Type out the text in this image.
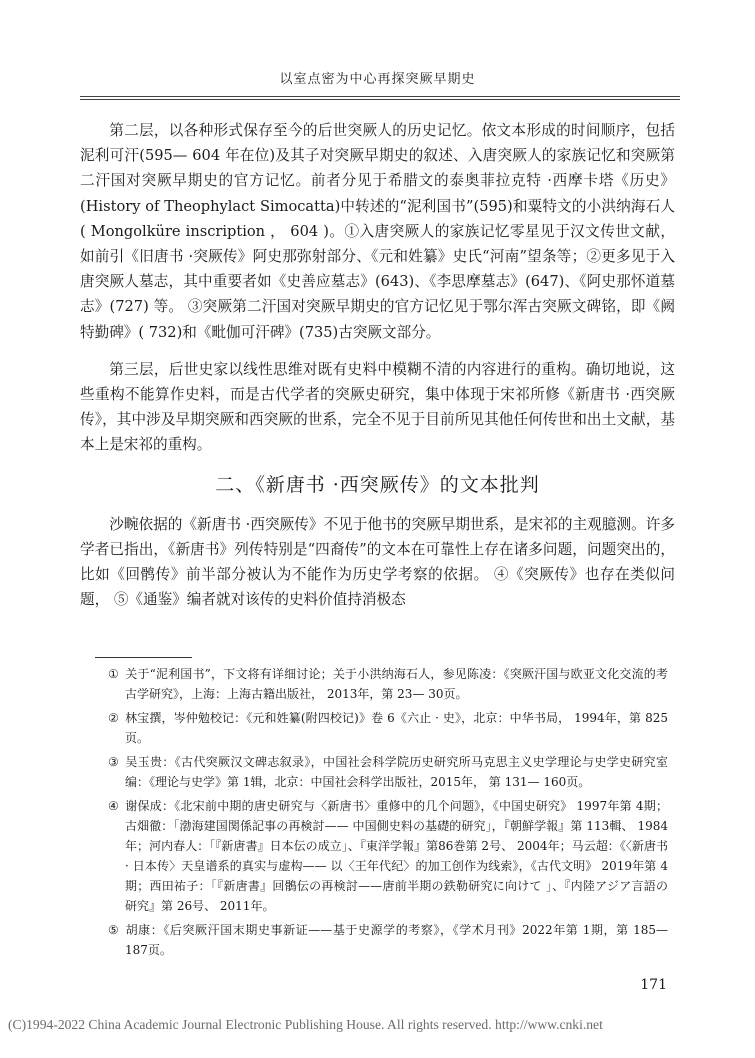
以室点密为中心再探突厥早期史

第二层，以各种形式保存至今的后世突厥人的历史记忆。依文本形成的时间顺序，包括泥利可汗(595— 604 年在位)及其子对突厥早期史的叙述、入唐突厥人的家族记忆和突厥第二汗国对突厥早期史的官方记忆。前者分见于希腊文的泰奥菲拉克特 ·西摩卡塔《历史》(History of Theophylact Simocatta)中转述的“泥利国书”(595)和粟特文的小洪纳海石人( Mongolküre inscription ， 604 )。①入唐突厥人的家族记忆零星见于汉文传世文献，如前引《旧唐书 ·突厥传》阿史那弥射部分、《元和姓纂》史氏“河南”望条等；②更多见于入唐突厥人墓志，其中重要者如《史善应墓志》(643)、《李思摩墓志》(647)、《阿史那怀道墓志》(727) 等。 ③突厥第二汗国对突厥早期史的官方记忆见于鄂尔浑古突厥文碑铭，即《阙特勤碑》( 732)和《毗伽可汗碑》(735)古突厥文部分。

第三层，后世史家以线性思维对既有史料中模糊不清的内容进行的重构。确切地说，这些重构不能算作史料，而是古代学者的突厥史研究，集中体现于宋祁所修《新唐书 ·西突厥传》，其中涉及早期突厥和西突厥的世系，完全不见于目前所见其他任何传世和出土文献，基本上是宋祁的重构。

二、《新唐书 ·西突厥传》的文本批判

沙畹依据的《新唐书 ·西突厥传》不见于他书的突厥早期世系，是宋祁的主观臆测。许多学者已指出，《新唐书》列传特别是“四裔传”的文本在可靠性上存在诸多问题，问题突出的，比如《回鹘传》前半部分被认为不能作为历史学考察的依据。 ④《突厥传》也存在类似问题， ⑤《通鉴》编者就对该传的史料价值持消极态

① 关于“泥利国书”，下文将有详细讨论；关于小洪纳海石人，参见陈凌：《突厥汗国与欧亚文化交流的考古学研究》，上海：上海古籍出版社， 2013年，第 23— 30页。
② 林宝撰，岑仲勉校记：《元和姓纂(附四校记)》卷 6《六止 · 史》，北京：中华书局， 1994年，第 825页。
③ 吴玉贵：《古代突厥汉文碑志叙录》，中国社会科学院历史研究所马克思主义史学理论与史学史研究室编：《理论与史学》第 1辑，北京：中国社会科学出版社，2015年， 第 131— 160页。
④ 谢保成：《北宋前中期的唐史研究与〈新唐书〉重修中的几个问题》，《中国史研究》 1997年第 4期；古畑徹：「渤海建国関係記事の再検討—— 中国側史料の基礎的研究」，『朝鮮学報』第 113輯、 1984年；河内春人：「『新唐書』日本伝の成立」、『東洋学報』第86巻第 2号、 2004年；马云超：《〈新唐书 · 日本传〉天皇谱系的真实与虚构—— 以〈王年代纪〉的加工创作为线索》，《古代文明》 2019年第 4期；西田祐子：「『新唐書』回鶻伝の再検討——唐前半期の鉄勒研究に向けて 」、『内陸アジア言語の研究』第 26号、 2011年。
⑤ 胡康：《后突厥汗国末期史事新证——基于史源学的考察》，《学术月刊》2022年第 1期，第 185— 187页。
171
(C)1994-2022 China Academic Journal Electronic Publishing House. All rights reserved. http://www.cnki.net
